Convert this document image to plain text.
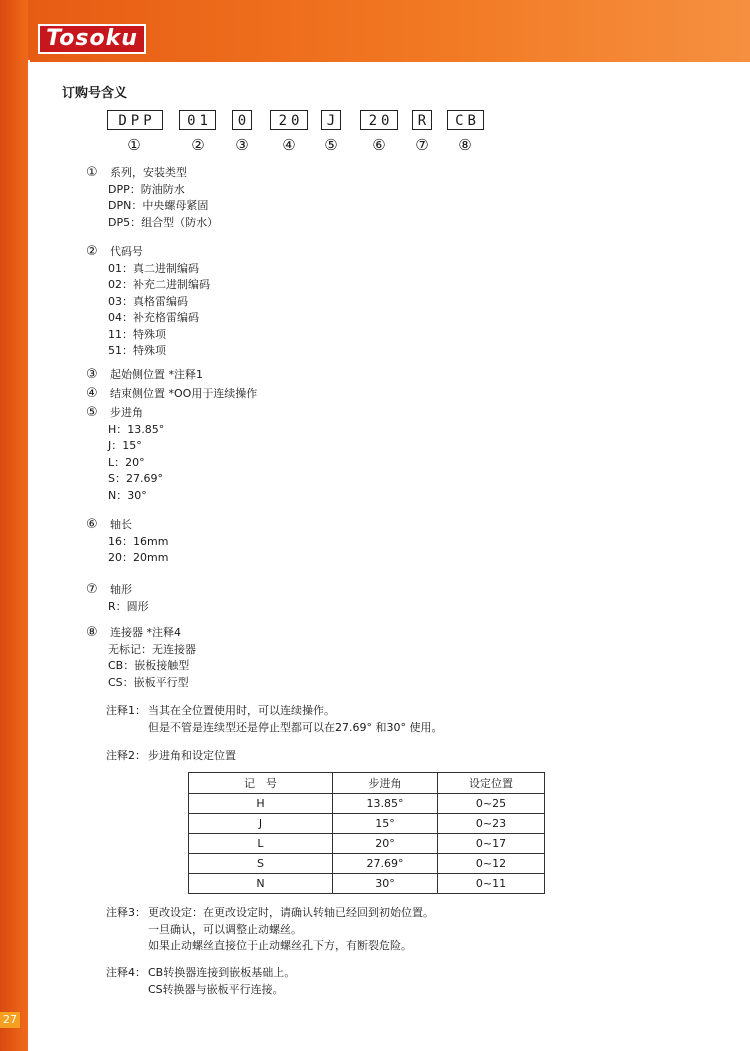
Tosoku
订购号含义
DPP	01	0	20	J	20	R	CB
①	② ③ ④ ⑤ ⑥ ⑦ ⑧
①	系列，安装类型
DPP：防油防水
DPN：中央螺母紧固
DP5：组合型（防水）
②	代码号
01：真二进制编码
02：补充二进制编码
03：真格雷编码
04：补充格雷编码
11：特殊项
51：特殊项
③	起始侧位置 *注释1
④	结束侧位置 *OO用于连续操作
⑤	步进角
H：13.85°
J：15°
L：20°
S：27.69°
N：30°
⑥	轴长
16：16mm
20：20mm
⑦	轴形
R：圆形
⑧	连接器 *注释4
无标记：无连接器
CB：嵌板接触型
CS：嵌板平行型
注释1： 当其在全位置使用时，可以连续操作。
但是不管是连续型还是停止型都可以在27.69° 和30° 使用。
注释2： 步进角和设定位置
记　号	步进角	设定位置
H	13.85°	0~25
J	15°	0~23
L	20°	0~17
S	27.69°	0~12
N	30°	0~11
注释3： 更改设定：在更改设定时，请确认转轴已经回到初始位置。
一旦确认，可以调整止动螺丝。
如果止动螺丝直接位于止动螺丝孔下方，有断裂危险。
注释4： CB转换器连接到嵌板基础上。
CS转换器与嵌板平行连接。
27
